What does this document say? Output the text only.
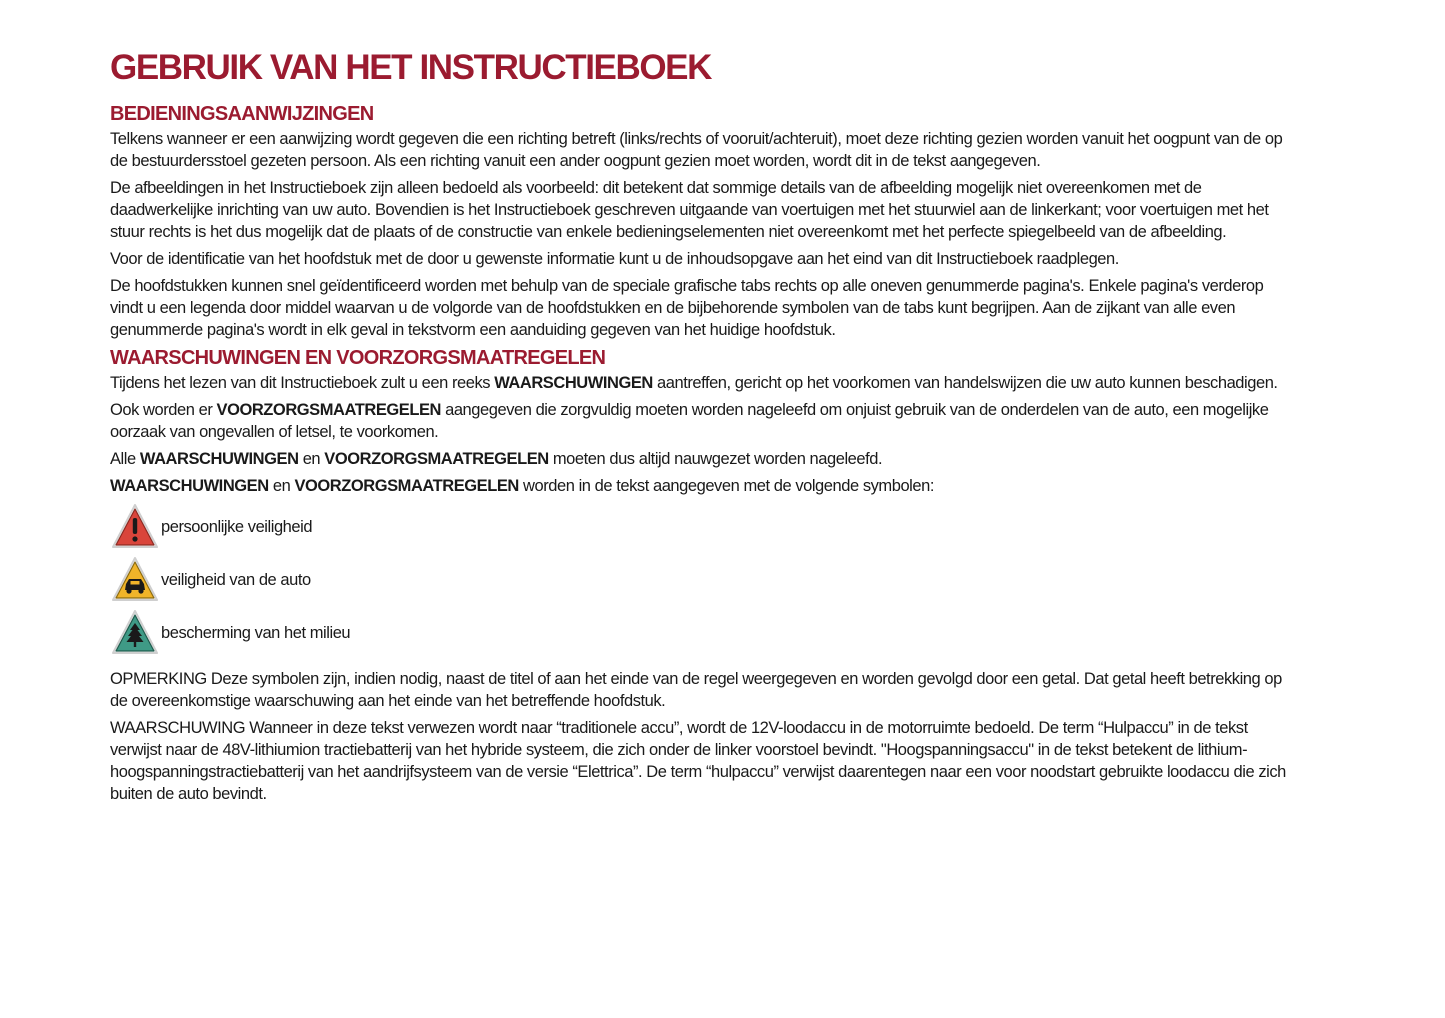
GEBRUIK VAN HET INSTRUCTIEBOEK
BEDIENINGSAANWIJZINGEN

Telkens wanneer er een aanwijzing wordt gegeven die een richting betreft (links/rechts of vooruit/achteruit), moet deze richting gezien worden vanuit het oogpunt van de op de bestuurdersstoel gezeten persoon. Als een richting vanuit een ander oogpunt gezien moet worden, wordt dit in de tekst aangegeven.

De afbeeldingen in het Instructieboek zijn alleen bedoeld als voorbeeld: dit betekent dat sommige details van de afbeelding mogelijk niet overeenkomen met de daadwerkelijke inrichting van uw auto. Bovendien is het Instructieboek geschreven uitgaande van voertuigen met het stuurwiel aan de linkerkant; voor voertuigen met het stuur rechts is het dus mogelijk dat de plaats of de constructie van enkele bedieningselementen niet overeenkomt met het perfecte spiegelbeeld van de afbeelding.

Voor de identificatie van het hoofdstuk met de door u gewenste informatie kunt u de inhoudsopgave aan het eind van dit Instructieboek raadplegen.

De hoofdstukken kunnen snel geïdentificeerd worden met behulp van de speciale grafische tabs rechts op alle oneven genummerde pagina's. Enkele pagina's verderop vindt u een legenda door middel waarvan u de volgorde van de hoofdstukken en de bijbehorende symbolen van de tabs kunt begrijpen. Aan de zijkant van alle even genummerde pagina's wordt in elk geval in tekstvorm een aanduiding gegeven van het huidige hoofdstuk.

WAARSCHUWINGEN EN VOORZORGSMAATREGELEN

Tijdens het lezen van dit Instructieboek zult u een reeks WAARSCHUWINGEN aantreffen, gericht op het voorkomen van handelswijzen die uw auto kunnen beschadigen.

Ook worden er VOORZORGSMAATREGELEN aangegeven die zorgvuldig moeten worden nageleefd om onjuist gebruik van de onderdelen van de auto, een mogelijke oorzaak van ongevallen of letsel, te voorkomen.

Alle WAARSCHUWINGEN en VOORZORGSMAATREGELEN moeten dus altijd nauwgezet worden nageleefd.

WAARSCHUWINGEN en VOORZORGSMAATREGELEN worden in de tekst aangegeven met de volgende symbolen:

persoonlijke veiligheid
veiligheid van de auto
bescherming van het milieu

OPMERKING Deze symbolen zijn, indien nodig, naast de titel of aan het einde van de regel weergegeven en worden gevolgd door een getal. Dat getal heeft betrekking op de overeenkomstige waarschuwing aan het einde van het betreffende hoofdstuk.

WAARSCHUWING Wanneer in deze tekst verwezen wordt naar “traditionele accu”, wordt de 12V-loodaccu in de motorruimte bedoeld. De term “Hulpaccu” in de tekst verwijst naar de 48V-lithiumion tractiebatterij van het hybride systeem, die zich onder de linker voorstoel bevindt. "Hoogspanningsaccu" in de tekst betekent de lithium-hoogspanningstractiebatterij van het aandrijfsysteem van de versie “Elettrica”. De term “hulpaccu” verwijst daarentegen naar een voor noodstart gebruikte loodaccu die zich buiten de auto bevindt.
